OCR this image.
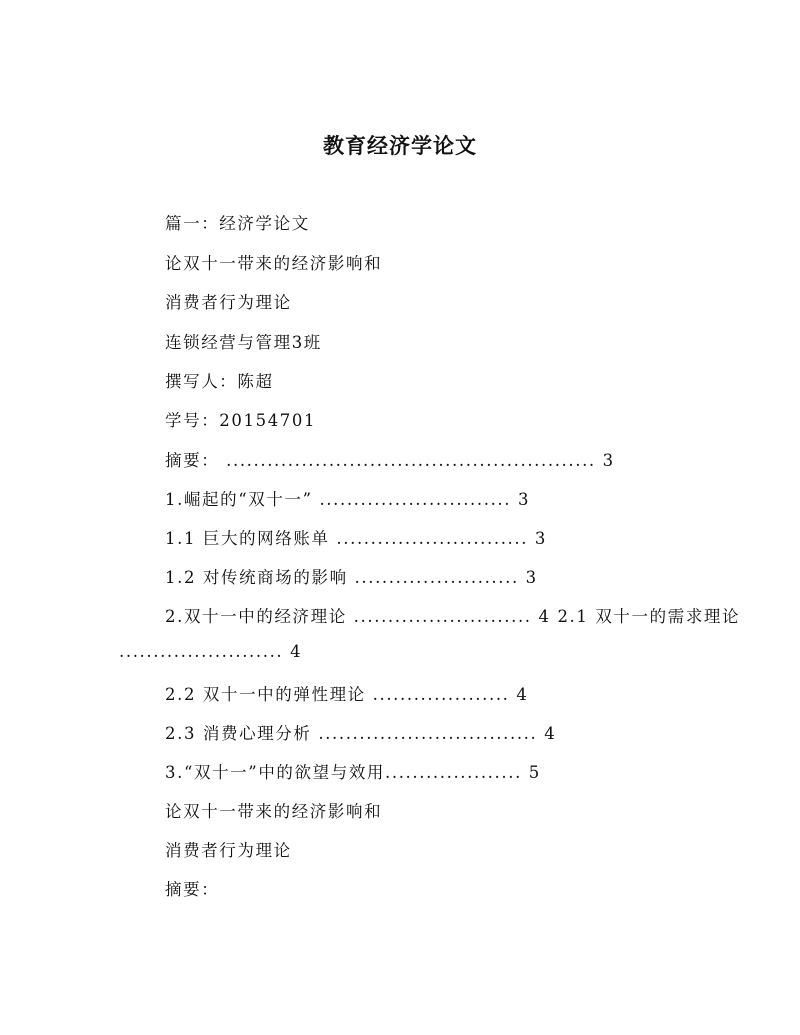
教育经济学论文
篇一：经济学论文
论双十一带来的经济影响和
消费者行为理论
连锁经营与管理3班
撰写人：陈超
学号：20154701
摘要： ...................................................... 3
1.崛起的“双十一” ............................ 3
1.1 巨大的网络账单 ............................ 3
1.2 对传统商场的影响 ........................ 3
2.双十一中的经济理论 .......................... 4 2.1 双十一的需求理论
........................ 4
2.2 双十一中的弹性理论 .................... 4
2.3 消费心理分析 ................................ 4
3.“双十一”中的欲望与效用.................... 5
论双十一带来的经济影响和
消费者行为理论
摘要：
